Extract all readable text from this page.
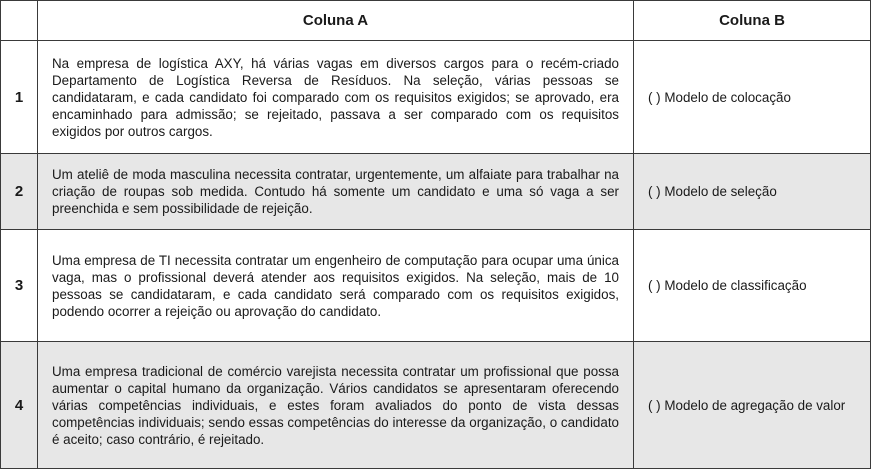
	Coluna A	Coluna B
1	Na empresa de logística AXY, há várias vagas em diversos cargos para o recém-criado Departamento de Logística Reversa de Resíduos. Na seleção, várias pessoas se candidataram, e cada candidato foi comparado com os requisitos exigidos; se aprovado, era encaminhado para admissão; se rejeitado, passava a ser comparado com os requisitos exigidos por outros cargos.	( ) Modelo de colocação
2	Um ateliê de moda masculina necessita contratar, urgentemente, um alfaiate para trabalhar na criação de roupas sob medida. Contudo há somente um candidato e uma só vaga a ser preenchida e sem possibilidade de rejeição.	( ) Modelo de seleção
3	Uma empresa de TI necessita contratar um engenheiro de computação para ocupar uma única vaga, mas o profissional deverá atender aos requisitos exigidos. Na seleção, mais de 10 pessoas se candidataram, e cada candidato será comparado com os requisitos exigidos, podendo ocorrer a rejeição ou aprovação do candidato.	( ) Modelo de classificação
4	Uma empresa tradicional de comércio varejista necessita contratar um profissional que possa aumentar o capital humano da organização. Vários candidatos se apresentaram oferecendo várias competências individuais, e estes foram avaliados do ponto de vista dessas competências individuais; sendo essas competências do interesse da organização, o candidato é aceito; caso contrário, é rejeitado.	( ) Modelo de agregação de valor
